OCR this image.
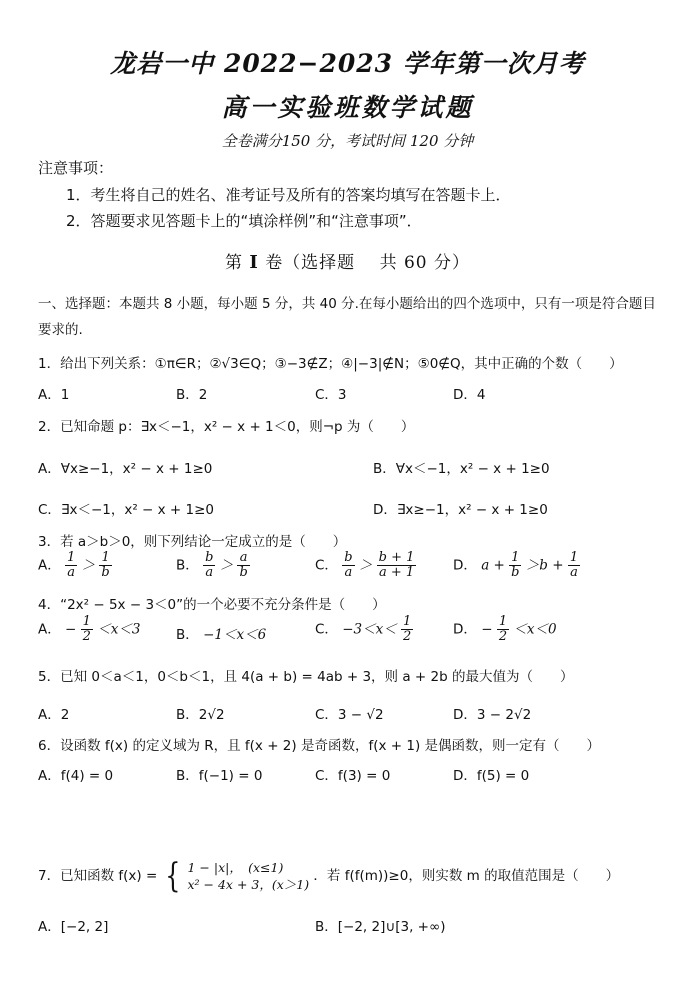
龙岩一中 2022−2023 学年第一次月考
高一实验班数学试题
全卷满分150 分，考试时间 120 分钟
注意事项：
1．考生将自己的姓名、准考证号及所有的答案均填写在答题卡上．
2．答题要求见答题卡上的“填涂样例”和“注意事项”．
第 Ⅰ 卷（选择题　 共 60 分）
一、选择题：本题共 8 小题，每小题 5 分，共 40 分.在每小题给出的四个选项中，只有一项是符合题目要求的.
1．给出下列关系：①π∈R；②√3∈Q；③−3∉Z；④|−3|∉N；⑤0∉Q，其中正确的个数（　　）
A．1	B．2	C．3	D．4
2．已知命题 p：∃x＜−1，x² − x + 1＜0，则¬p 为（　　）
A．∀x≥−1，x² − x + 1≥0	B．∀x＜−1，x² − x + 1≥0
C．∃x＜−1，x² − x + 1≥0	D．∃x≥−1，x² − x + 1≥0
3．若 a＞b＞0，则下列结论一定成立的是（　　）
A． $\frac{1}{a} > \frac{1}{b}$	B． $\frac{b}{a} > \frac{a}{b}$	C． $\frac{b}{a} > \frac{b + 1}{a + 1}$	D． $a + \frac{1}{b} >b + \frac{1}{a}$
4．“2x² − 5x − 3＜0”的一个必要不充分条件是（　　）
A． − $\frac{1}{2} <x<3$	B． −1＜x＜6	C． $-3<x< \frac{1}{2}$	D． − $\frac{1}{2} <x<0$
5．已知 0＜a＜1，0＜b＜1，且 4(a + b) = 4ab + 3，则 a + 2b 的最大值为（　　）
A．2	B．2√2	C．3 − √2	D．3 − 2√2
6．设函数 f(x) 的定义域为 R，且 f(x + 2) 是奇函数，f(x + 1) 是偶函数，则一定有（　　）
A．f(4) = 0	B．f(−1) = 0	C．f(3) = 0	D．f(5) = 0
7．已知函数 f(x) = { 1 − |x|，　(x≤1)
x² − 4x + 3，(x＞1)
．若 f(f(m))≥0，则实数 m 的取值范围是（　　）
A．[−2, 2]	B．[−2, 2]∪[3, +∞)
